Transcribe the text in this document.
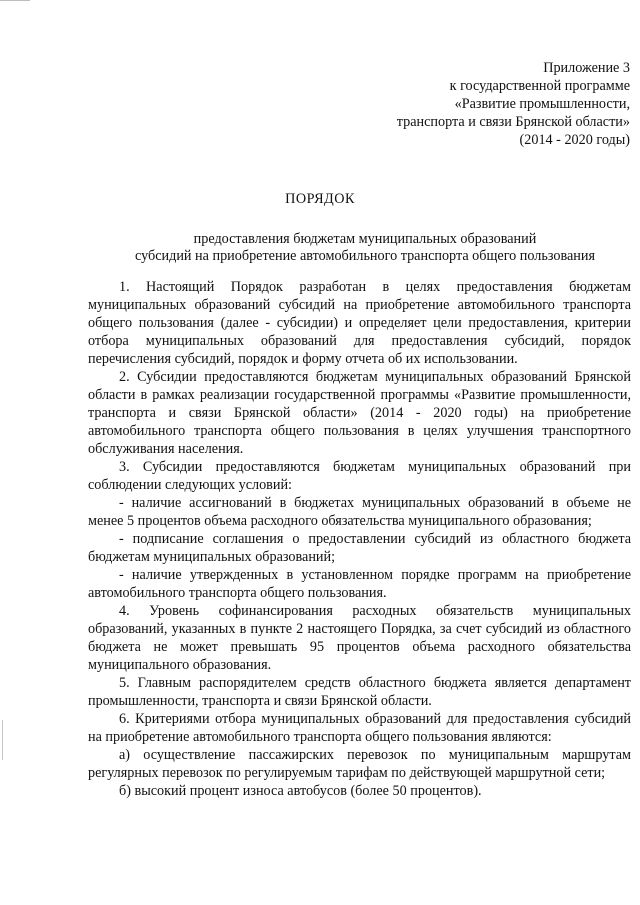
Приложение 3
к государственной программе
«Развитие промышленности,
транспорта и связи Брянской области»
(2014 - 2020 годы)
ПОРЯДОК
предоставления бюджетам муниципальных образований
субсидий на приобретение автомобильного транспорта общего пользования
1. Настоящий Порядок разработан в целях предоставления бюджетам муниципальных образований субсидий на приобретение автомобильного транспорта общего пользования (далее - субсидии) и определяет цели предоставления, критерии отбора муниципальных образований для предоставления субсидий, порядок перечисления субсидий, порядок и форму отчета об их использовании.
2. Субсидии предоставляются бюджетам муниципальных образований Брянской области в рамках реализации государственной программы «Развитие промышленности, транспорта и связи Брянской области» (2014 - 2020 годы) на приобретение автомобильного транспорта общего пользования в целях улучшения транспортного обслуживания населения.
3. Субсидии предоставляются бюджетам муниципальных образований при соблюдении следующих условий:
- наличие ассигнований в бюджетах муниципальных образований в объеме не менее 5 процентов объема расходного обязательства муниципального образования;
- подписание соглашения о предоставлении субсидий из областного бюджета бюджетам муниципальных образований;
- наличие утвержденных в установленном порядке программ на приобретение автомобильного транспорта общего пользования.
4. Уровень софинансирования расходных обязательств муниципальных образований, указанных в пункте 2 настоящего Порядка, за счет субсидий из областного бюджета не может превышать 95 процентов объема расходного обязательства муниципального образования.
5. Главным распорядителем средств областного бюджета является департамент промышленности, транспорта и связи Брянской области.
6. Критериями отбора муниципальных образований для предоставления субсидий на приобретение автомобильного транспорта общего пользования являются:
а) осуществление пассажирских перевозок по муниципальным маршрутам регулярных перевозок по регулируемым тарифам по действующей маршрутной сети;
б) высокий процент износа автобусов (более 50 процентов).
